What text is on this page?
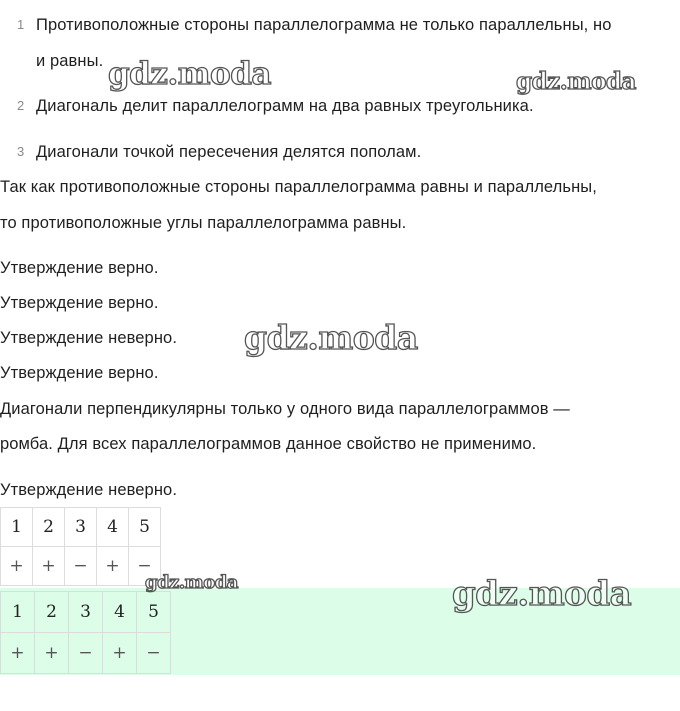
1 Противоположные стороны параллелограмма не только параллельны, но
и равны.
2 Диагональ делит параллелограмм на два равных треугольника.
3 Диагонали точкой пересечения делятся пополам.
Так как противоположные стороны параллелограмма равны и параллельны,
то противоположные углы параллелограмма равны.
Утверждение верно.
Утверждение верно.
Утверждение неверно.
Утверждение верно.
Диагонали перпендикулярны только у одного вида параллелограммов —
ромба. Для всех параллелограммов данное свойство не применимо.
Утверждение неверно.
1	2	3	4	5
+	+	−	+	−
1	2	3	4	5
+	+	−	+	−
gdz.moda	gdz.moda
gdz.moda
gdz.moda	gdz.moda
